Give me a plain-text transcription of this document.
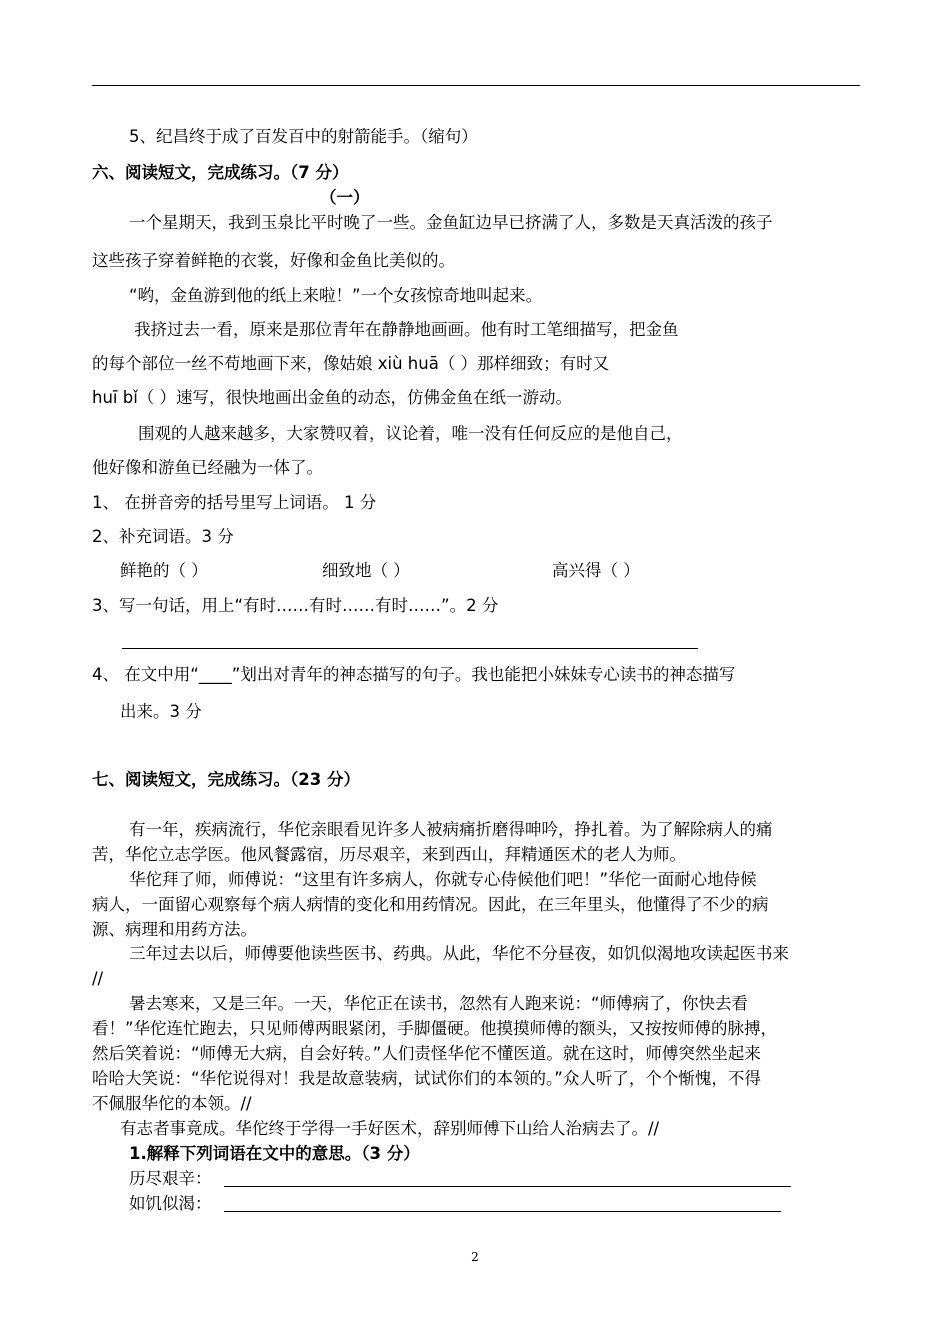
5、纪昌终于成了百发百中的射箭能手。（缩句）
六、阅读短文，完成练习。（7 分）
（一）
一个星期天，我到玉泉比平时晚了一些。金鱼缸边早已挤满了人，多数是天真活泼的孩子
这些孩子穿着鲜艳的衣裳，好像和金鱼比美似的。
“哟，金鱼游到他的纸上来啦！”一个女孩惊奇地叫起来。
我挤过去一看，原来是那位青年在静静地画画。他有时工笔细描写，把金鱼
的每个部位一丝不苟地画下来，像姑娘 xiù huā（ ）那样细致；有时又
huī bǐ（ ）速写，很快地画出金鱼的动态，仿佛金鱼在纸一游动。
围观的人越来越多，大家赞叹着，议论着，唯一没有任何反应的是他自己，
他好像和游鱼已经融为一体了。
1、 在拼音旁的括号里写上词语。 1 分
2、补充词语。3 分
鲜艳的（ ）	细致地（ ）	高兴得（ ）
3、写一句话，用上“有时……有时……有时……”。2 分
4、 在文中用“____”划出对青年的神态描写的句子。我也能把小妹妹专心读书的神态描写
出来。3 分
七、阅读短文，完成练习。（23 分）
有一年，疾病流行，华佗亲眼看见许多人被病痛折磨得呻吟，挣扎着。为了解除病人的痛
苦，华佗立志学医。他风餐露宿，历尽艰辛，来到西山，拜精通医术的老人为师。
华佗拜了师，师傅说：“这里有许多病人，你就专心侍候他们吧！”华佗一面耐心地侍候
病人，一面留心观察每个病人病情的变化和用药情况。因此，在三年里头，他懂得了不少的病
源、病理和用药方法。
三年过去以后，师傅要他读些医书、药典。从此，华佗不分昼夜，如饥似渴地攻读起医书来
//
暑去寒来，又是三年。一天，华佗正在读书，忽然有人跑来说：“师傅病了，你快去看
看！”华佗连忙跑去，只见师傅两眼紧闭，手脚僵硬。他摸摸师傅的额头，又按按师傅的脉搏，
然后笑着说：“师傅无大病，自会好转。”人们责怪华佗不懂医道。就在这时，师傅突然坐起来
哈哈大笑说：“华佗说得对！我是故意装病，试试你们的本领的。”众人听了，个个惭愧，不得
不佩服华佗的本领。//
有志者事竟成。华佗终于学得一手好医术，辞别师傅下山给人治病去了。//
1.解释下列词语在文中的意思。（3 分）
历尽艰辛：
如饥似渴：
2
